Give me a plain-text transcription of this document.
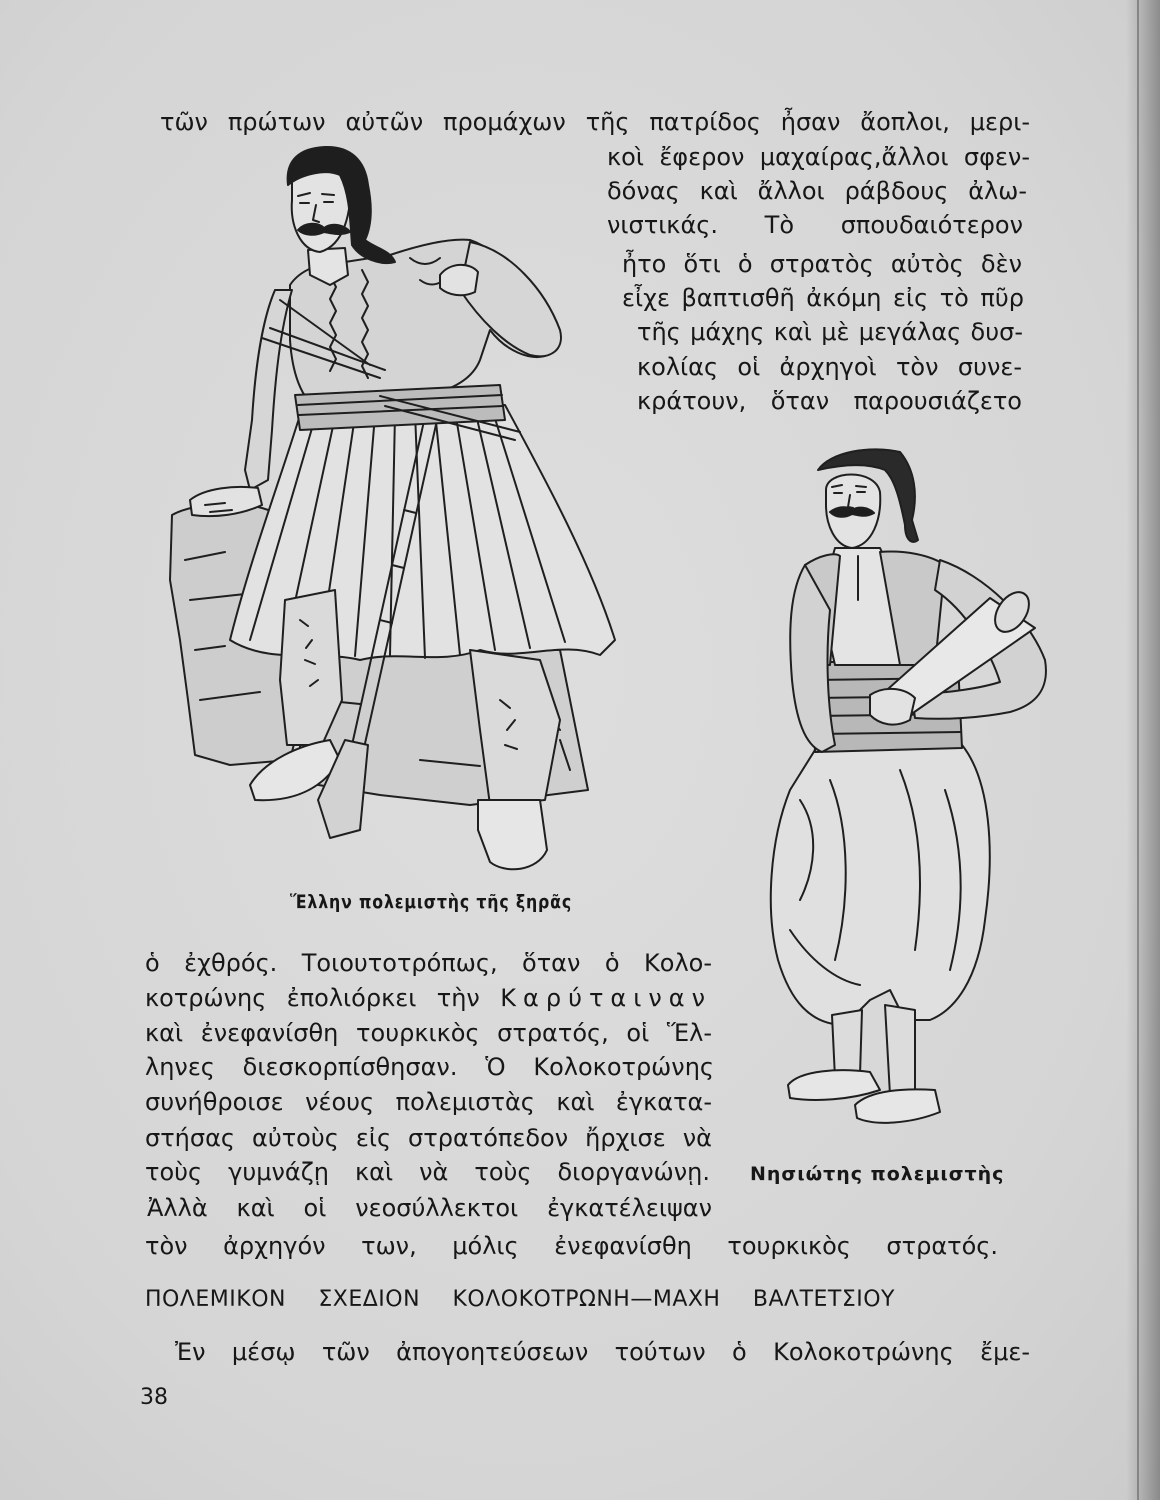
τῶν πρώτων αὐτῶν προμάχων τῆς πατρίδος ἦσαν ἄοπλοι, μερι-
κοὶ ἔφερον μαχαίρας,ἄλλοι σφεν-
δόνας καὶ ἄλλοι ράβδους ἀλω-
νιστικάς. Τὸ σπουδαιότερον
ἦτο ὅτι ὁ στρατὸς αὐτὸς δὲν
εἶχε βαπτισθῆ ἀκόμη εἰς τὸ πῦρ
τῆς μάχης καὶ μὲ μεγάλας δυσ-
κολίας οἱ ἀρχηγοὶ τὸν συνε-
κράτουν, ὅταν παρουσιάζετο
Ἕλλην πολεμιστὴς τῆς ξηρᾶς
ὁ ἐχθρός. Τοιουτοτρόπως, ὅταν ὁ Κολο-
κοτρώνης ἐπολιόρκει τὴν Καρύταιναν
καὶ ἐνεφανίσθη τουρκικὸς στρατός, οἱ Ἕλ-
ληνες διεσκορπίσθησαν. Ὁ Κολοκοτρώνης
συνήθροισε νέους πολεμιστὰς καὶ ἐγκατα-
στήσας αὐτοὺς εἰς στρατόπεδον ἤρχισε νὰ
τοὺς γυμνάζῃ καὶ νὰ τοὺς διοργανώνῃ.
Ἀλλὰ καὶ οἱ νεοσύλλεκτοι ἐγκατέλειψαν
τὸν ἀρχηγόν των, μόλις ἐνεφανίσθη τουρκικὸς στρατός.
Νησιώτης πολεμιστὴς
ΠΟΛΕΜΙΚΟΝ ΣΧΕΔΙΟΝ ΚΟΛΟΚΟΤΡΩΝΗ—ΜΑΧΗ ΒΑΛΤΕΤΣΙΟΥ
Ἐν μέσῳ τῶν ἀπογοητεύσεων τούτων ὁ Κολοκοτρώνης ἔμε-
38
